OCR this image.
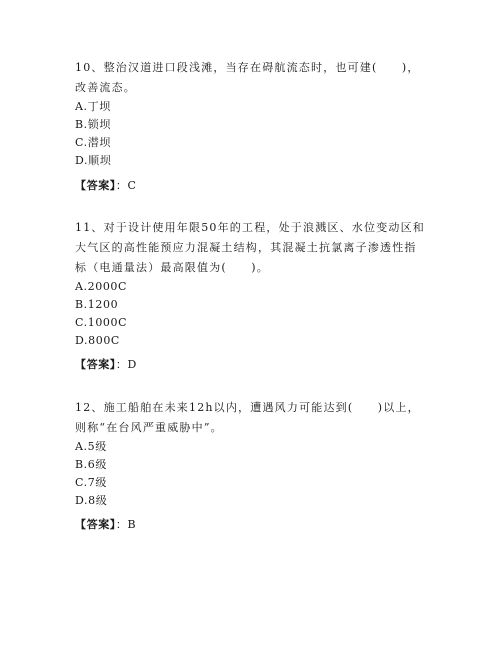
10、整治汉道进口段浅滩，当存在碍航流态时，也可建(　　)，改善流态。

A.丁坝

B.锁坝

C.潜坝

D.顺坝

【答案】：C

11、对于设计使用年限50年的工程，处于浪溅区、水位变动区和大气区的高性能预应力混凝土结构，其混凝土抗氯离子渗透性指标（电通量法）最高限值为(　　)。

A.2000C

B.1200

C.1000C

D.800C

【答案】：D

12、施工船舶在未来12h以内，遭遇风力可能达到(　　)以上，则称“在台风严重威胁中”。

A.5级

B.6级

C.7级

D.8级

【答案】：B
